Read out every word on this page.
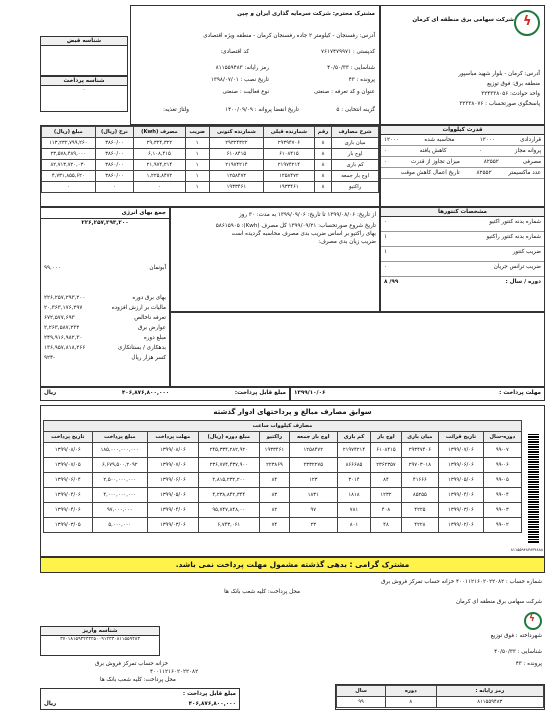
ϟ
شرکت سهامی برق منطقه ای کرمان
آدرس: کرمان - بلوار شهید مباسپور
منطقه برق: فوق توزیع
واحد حوادث: ۳۲۴۳۳۸۰۵۶
پاسخگوی صورتحساب : ۳۲۳۳۸۰۷۶
مشترک محترم: شرکت سرمایه گذاری ایران و چین
آدرس: رفسنجان - کیلومتر ۲ جاده رفسنجان کرمان - منطقه ویژه اقتصادی
کدپستی : ۷۶۱۷۴۷۹۹۷۱
کد اقتصادی:
شناسایی : ۴۰/۵۰/۳۳
پرونده : ۴۳
تاریخ نصب : ۱۳۹۸/۰۷/۰۱
عنوان و کد تعرفه : صنعتی
نوع فعالیت : صنعتی
رمز رایانه: ۸۱۱۵۵۹۴۸۳
گزینه انتخابی : ۵
تاریخ انقضا پروانه : ۱۴۰۰/۰۹/۰۹
ولتاژ تغذیه:
شناسه قبض
شناسه پرداخت
۰
قدرت کیلووات
قراردادی
۱۲۰۰۰
محاسبه شده
۱۲۰۰۰
پروانه مجاز
۰
کاهش یافته
۰
مصرفی
۸۲۵۵۲
میزان تجاوز از قدرت
۰
عدد ماکسیمتر
۸۲۵۵۲
تاریخ اعمال کاهش موقت
شرح مصارف	رقم	شمارنده قبلی	شمارنده کنونی	ضریب	مصرف (Kwh)	نرخ (ریال)	مبلغ (ریال)
میان باری	۸	۲۹۳۹۴۷۰۶	۲۹۳۲۴۳۲۲	۱	۲۹,۳۲۴,۳۲۲	۳۸۶۰/۰۰	۱۱۳,۲۳۲,۷۹۹,۲۶۰
اوج بار	۸	۶۱۰۸۴۱۵	۶۱۰۸۴۱۵	۱	۶,۱۰۸,۴۱۵	۳۸۶۰/۰۰	۲۳,۵۷۸,۴۸۹,۰۰۰
کم باری	۸	۲۱۹۷۴۲۱۴	۲۱۹۷۴۲۱۴	۱	۲۱,۹۷۴,۲۱۴	۳۸۶۰/۰۰	۸۲,۷۱۳,۷۲۰,۰۳۰
اوج بار جمعه	۸	۱۲۵۸۴۷۲	۱۲۵۸۴۷۲	۱	۱,۲۲۵,۸۴۷۲	۳۸۶۰/۰۰	۴,۷۳۱,۸۵۵,۶۲۰
راکتیو	۸	۱۹۳۳۴۶۱	۱۹۳۳۴۶۱	۱	۰	۰	۰
از تاریخ: ۱۳۹۹/۰۸/۰۶ تا تاریخ: ۱۳۹۹/۰۹/۰۶ به مدت: ۳۰ روز
تاریخ شروع صورتحساب: ۱۳۹۹/۰۹/۲۱ کل مصرف (Kwh): ۵۸۶۱۵۹۰۵
بهای راکتیو بر اساس ضریب بدی مصرف محاسبه گردیده است
ضریب زیان بدی مصرف:
مشخصات کنتورها
شماره بدنه کنتور اکتیو
۰
شماره بدنه کنتور راکتیو
۱
ضریب کنتور
۱
ضریب ترانس جریان
۰
دوره / سال :
۹۹/ ۸
جمع بهای انرژی
۲۲۶,۲۵۷,۲۹۳,۲۰۰
آبونمان
۹۹,۰۰۰
بهای برق دوره
۲۲۶,۲۵۷,۲۹۳,۲۰۰
مالیات بر ارزش افزوده
۲۰,۳۶۳,۱۷۶,۲۹۷
تعرفه ناخالص
۶۷۲,۵۷۷,۶۹۳
عوارض برق
۲,۲۶۳,۵۸۷,۲۳۲
مبلغ دوره
۲۴۹,۹۱۶,۹۸۲,۳۰
بدهکاری / بستانکاری
۱۳۶,۹۵۷,۸۱۸,۲۶۶
کسر هزار ریال
-۹۲۴
مبلغ قابل پرداخت:
۴۰۶,۸۷۶,۸۰۰,۰۰۰
ریال	مهلت پرداخت :
۱۳۹۹/۱۰/۰۶
سوابق مصارف مبالغ و پرداختهای ادوار گذشته
مصارف کیلووات ساعت										
دوره-سال	تاریخ قرائت	میان باری	اوج بار	کم باری	اوج بار جمعه	راکتیو	مبلغ دوره (ریال)	مهلت پرداخت	مبلغ پرداخت	تاریخ پرداخت
۹۹-۰۷	۱۳۹۹/۰۷/۰۶	۲۹۳۴۷۴۰۶	۶۱۰۸۴۱۵	۲۱۹۷۴۲۱۴	۱۲۵۸۴۷۲	۱۹۳۳۴۶۱	۲۴۵,۳۳۴,۲۸۲,۹۲۰	۱۳۹۹/۰۸/۰۶	۱۸۵,۰۰۰,۰۰۰,۰۰۰	۱۳۹۹/۰۸/۰۶
۹۹-۰۶	۱۳۹۹/۰۶/۰۶	۲۹۷۰۳۰۱۸	۲۳۶۲۳۵۷	۸۶۶۶۸۵	۲۳۳۲۲۷۵	۲۲۳۸۶۹	۲۳۶,۷۷۴,۴۳۷,۹۰۰	۱۳۹۹/۰۷/۰۶	۶,۶۷۹,۵۰۰,۲۰۹۲	۱۳۹۹/۰۷/۰۵
۹۹-۰۵	۱۳۹۹/۰۵/۰۶	۴۱۶۶۶	۸۴	۳۰۱۴	۱۲۳	۸۴	۲,۸۱۵,۲۳۲,۲۰۰	۱۳۹۹/۰۶/۰۶	۲,۵۰۰,۰۰۰,۰۰۰	۱۳۹۹/۰۶/۰۴
۹۹-۰۴	۱۳۹۹/۰۴/۰۶	۸۵۲۵۵	۱۲۳۲	۱۸۱۸	۱۸۳۱	۸۳	۴,۲۳۸,۸۴۲,۳۴۴	۱۳۹۹/۰۵/۰۶	۴,۰۰۰,۰۰۰,۰۰۰	۱۳۹۹/۰۴/۰۶
۹۹-۰۳	۱۳۹۹/۰۳/۰۶	۴۲۲۵	۴۰۸	۷۸۱	۹۷	۸۲	۹۵,۷۴۷,۸۴۸,۰۰	۱۳۹۹/۰۴/۰۶	۹۷,۰۰۰,۰۰۰	۱۳۹۹/۰۴/۰۶
۹۹-۰۲	۱۳۹۹/۰۲/۰۶	۴۲۲۸	۴۸	۸۰۱	۲۳	۷۴	۶,۷۴۳,۰۶۱	۱۳۹۹/۰۳/۰۶	۵,۰۰۰,۰۰۰	۱۳۹۹/۰۳/۰۵
۸۱۱۵۵۹۴۸۳۸۳۴۸۸۸
مشترک گرامی : بدهی گذشته مشمول مهلت پرداخت نمی باشد.
شماره حساب : ۴۰۰۱۱۲۱۶۰۲۰۲۲۰۸۲ خزانه حساب تمرکز فروش برق
محل پرداخت: کلیه شعب بانک ها
شرکت سهامی برق منطقه ای کرمان
ϟ
شناسه واریز
۳۷۰۱۸۱۵۹۳۲۴۳۲۵۰۰۹۱۲۳۳۰۸۱۱۵۵۹۴۸۳
شهرداخته : فوق توزیع
شناسایی : ۴۰/۵۰/۳۳
پرونده : ۴۳
خزانه حساب تمرکز فروش برق
۴۰۰۱۱۲۱۶۰۲۰۲۲۰۸۲
محل پرداخت: کلیه شعب بانک ها
مبلغ قابل پرداخت :
۴۰۶,۸۷۶,۸۰۰,۰۰۰
ریال
رمز رایانه :	دوره	سال
۸۱۱۵۵۹۴۸۳	۸	۹۹
